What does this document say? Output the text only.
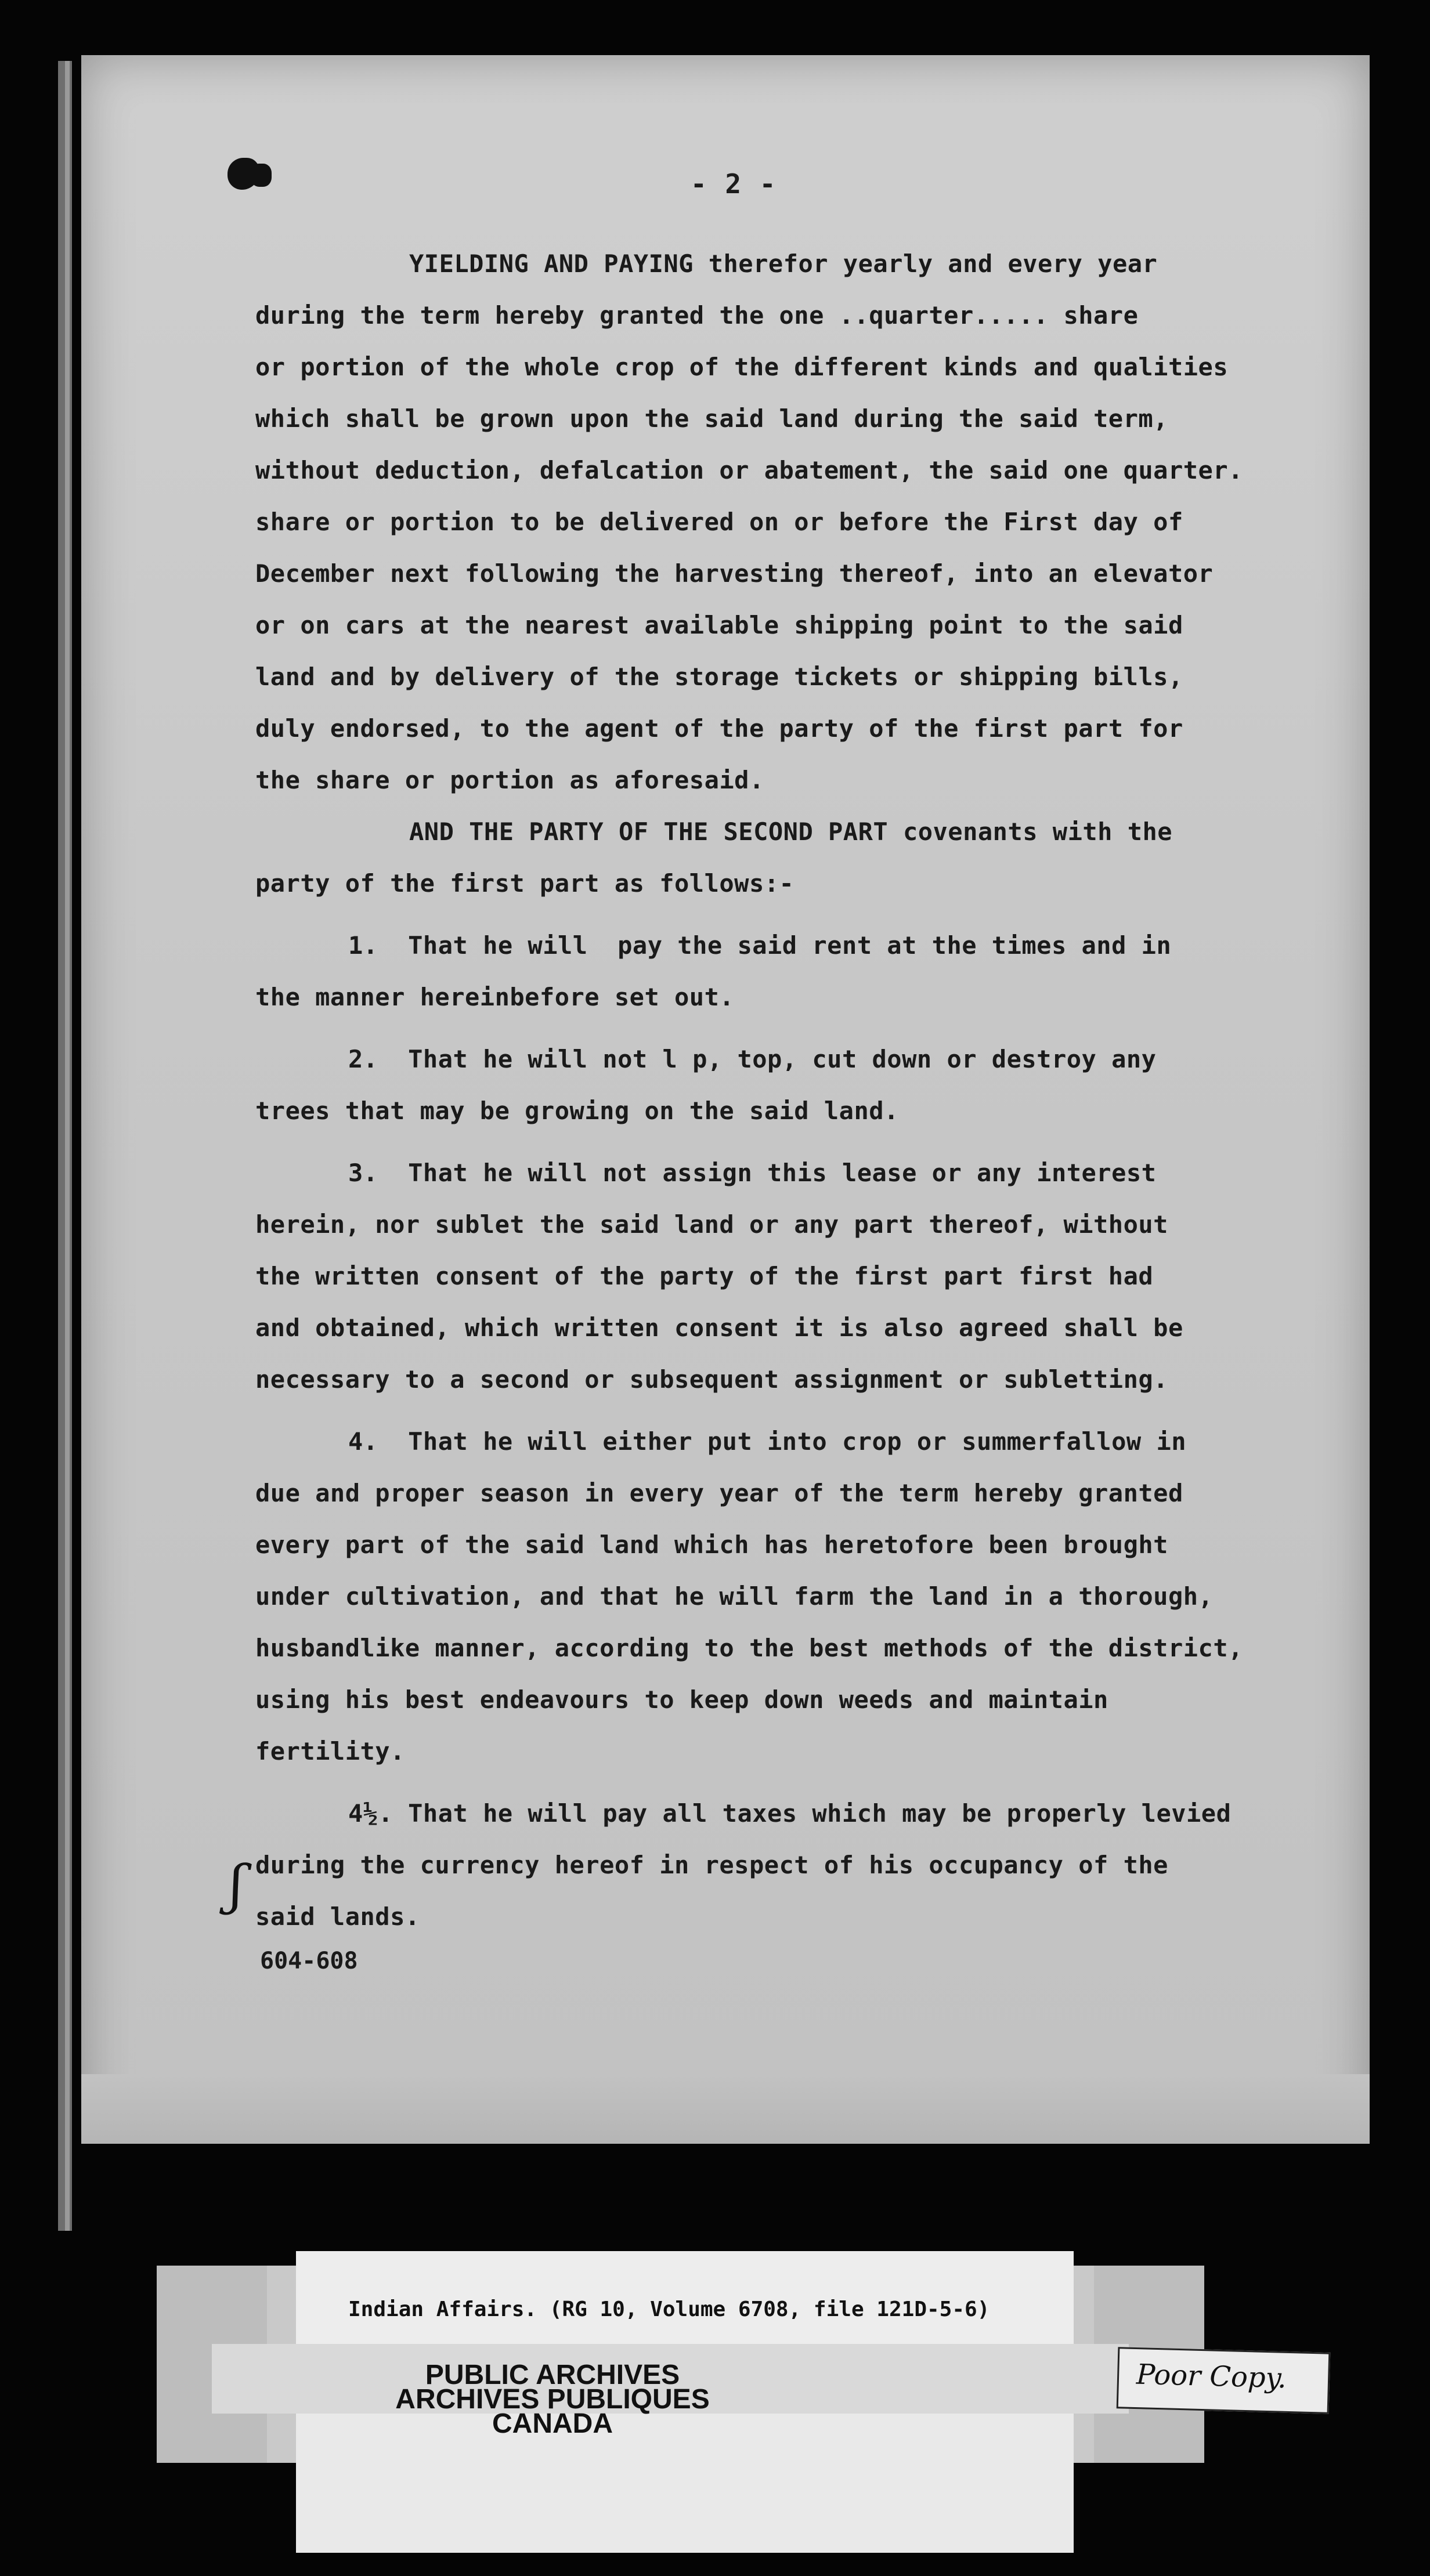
- 2 -
YIELDING AND PAYING therefor yearly and every year
during the term hereby granted the one ..quarter..... share
or portion of the whole crop of the different kinds and qualities
which shall be grown upon the said land during the said term,
without deduction, defalcation or abatement, the said one quarter.
share or portion to be delivered on or before the First day of
December next following the harvesting thereof, into an elevator
or on cars at the nearest available shipping point to the said
land and by delivery of the storage tickets or shipping bills,
duly endorsed, to the agent of the party of the first part for
the share or portion as aforesaid.
AND THE PARTY OF THE SECOND PART covenants with the
party of the first part as follows:-
1.  That he will  pay the said rent at the times and in
the manner hereinbefore set out.
2.  That he will not l p, top, cut down or destroy any
trees that may be growing on the said land.
3.  That he will not assign this lease or any interest
herein, nor sublet the said land or any part thereof, without
the written consent of the party of the first part first had
and obtained, which written consent it is also agreed shall be
necessary to a second or subsequent assignment or subletting.
4.  That he will either put into crop or summerfallow in
due and proper season in every year of the term hereby granted
every part of the said land which has heretofore been brought
under cultivation, and that he will farm the land in a thorough,
husbandlike manner, according to the best methods of the district,
using his best endeavours to keep down weeds and maintain
fertility.
4½. That he will pay all taxes which may be properly levied
during the currency hereof in respect of his occupancy of the
said lands.
ʃ
604-608
Indian Affairs. (RG 10, Volume 6708, file 121D-5-6)
PUBLIC ARCHIVES
ARCHIVES PUBLIQUES
CANADA
Poor Copy.
